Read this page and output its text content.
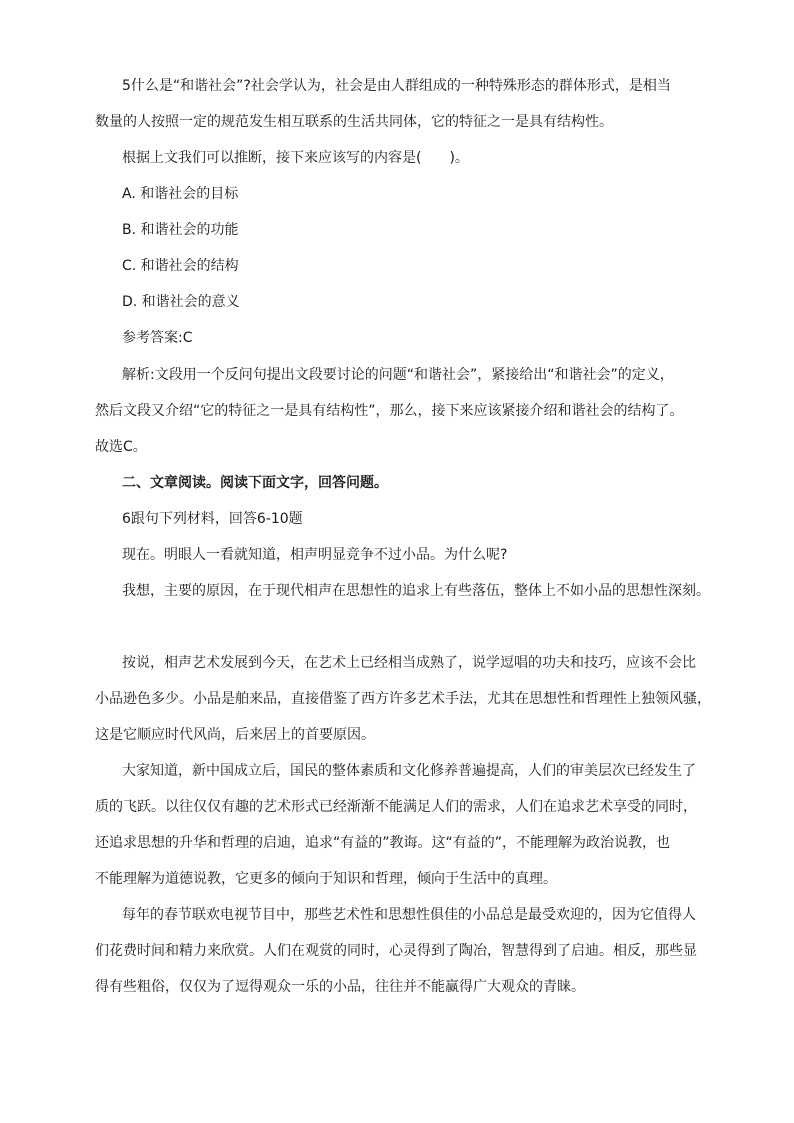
5什么是“和谐社会”?社会学认为，社会是由人群组成的一种特殊形态的群体形式，是相当
数量的人按照一定的规范发生相互联系的生活共同体，它的特征之一是具有结构性。
根据上文我们可以推断，接下来应该写的内容是(　　)。
A. 和谐社会的目标
B. 和谐社会的功能
C. 和谐社会的结构
D. 和谐社会的意义
参考答案:C
解析:文段用一个反问句提出文段要讨论的问题“和谐社会”，紧接给出“和谐社会”的定义，
然后文段又介绍“它的特征之一是具有结构性”，那么，接下来应该紧接介绍和谐社会的结构了。
故选C。
二、文章阅读。阅读下面文字，回答问题。
6跟句下列材料，回答6-10题
现在。明眼人一看就知道，相声明显竞争不过小品。为什么呢?
我想，主要的原因，在于现代相声在思想性的追求上有些落伍，整体上不如小品的思想性深刻。
按说，相声艺术发展到今天，在艺术上已经相当成熟了，说学逗唱的功夫和技巧，应该不会比
小品逊色多少。小品是舶来品，直接借鉴了西方许多艺术手法，尤其在思想性和哲理性上独领风骚，
这是它顺应时代风尚，后来居上的首要原因。
大家知道，新中国成立后，国民的整体素质和文化修养普遍提高，人们的审美层次已经发生了
质的飞跃。以往仅仅有趣的艺术形式已经渐渐不能满足人们的需求，人们在追求艺术享受的同时，
还追求思想的升华和哲理的启迪，追求“有益的”教诲。这“有益的”，不能理解为政治说教，也
不能理解为道德说教，它更多的倾向于知识和哲理，倾向于生活中的真理。
每年的春节联欢电视节目中，那些艺术性和思想性俱佳的小品总是最受欢迎的，因为它值得人
们花费时间和精力来欣赏。人们在观赏的同时，心灵得到了陶冶，智慧得到了启迪。相反，那些显
得有些粗俗，仅仅为了逗得观众一乐的小品，往往并不能赢得广大观众的青睐。
